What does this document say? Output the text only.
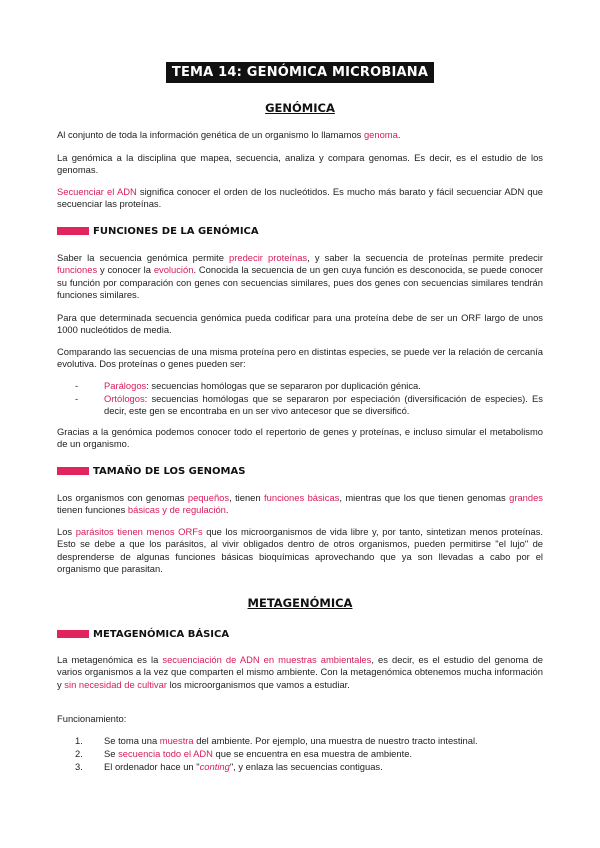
TEMA 14: GENÓMICA MICROBIANA
GENÓMICA

Al conjunto de toda la información genética de un organismo lo llamamos genoma.

La genómica a la disciplina que mapea, secuencia, analiza y compara genomas. Es decir, es el estudio de los genomas.

Secuenciar el ADN significa conocer el orden de los nucleótidos. Es mucho más barato y fácil secuenciar ADN que secuenciar las proteínas.

FUNCIONES DE LA GENÓMICA

Saber la secuencia genómica permite predecir proteínas, y saber la secuencia de proteínas permite predecir funciones y conocer la evolución. Conocida la secuencia de un gen cuya función es desconocida, se puede conocer su función por comparación con genes con secuencias similares, pues dos genes con secuencias similares tendrán funciones similares.

Para que determinada secuencia genómica pueda codificar para una proteína debe de ser un ORF largo de unos 1000 nucleótidos de media.

Comparando las secuencias de una misma proteína pero en distintas especies, se puede ver la relación de cercanía evolutiva. Dos proteínas o genes pueden ser:

-	Parálogos: secuencias homólogas que se separaron por duplicación génica.
-	Ortólogos: secuencias homólogas que se separaron por especiación (diversificación de especies). Es decir, este gen se encontraba en un ser vivo antecesor que se diversificó.

Gracias a la genómica podemos conocer todo el repertorio de genes y proteínas, e incluso simular el metabolismo de un organismo.

TAMAÑO DE LOS GENOMAS

Los organismos con genomas pequeños, tienen funciones básicas, mientras que los que tienen genomas grandes tienen funciones básicas y de regulación.

Los parásitos tienen menos ORFs que los microorganismos de vida libre y, por tanto, sintetizan menos proteínas. Esto se debe a que los parásitos, al vivir obligados dentro de otros organismos, pueden permitirse "el lujo" de desprenderse de algunas funciones básicas bioquímicas aprovechando que ya son llevadas a cabo por el organismo que parasitan.

METAGENÓMICA
METAGENÓMICA BÁSICA

La metagenómica es la secuenciación de ADN en muestras ambientales, es decir, es el estudio del genoma de varios organismos a la vez que comparten el mismo ambiente. Con la metagenómica obtenemos mucha información y sin necesidad de cultivar los microorganismos que vamos a estudiar.

Funcionamiento:

1. Se toma una muestra del ambiente. Por ejemplo, una muestra de nuestro tracto intestinal.
2. Se secuencia todo el ADN que se encuentra en esa muestra de ambiente.
3. El ordenador hace un "conting", y enlaza las secuencias contiguas.
